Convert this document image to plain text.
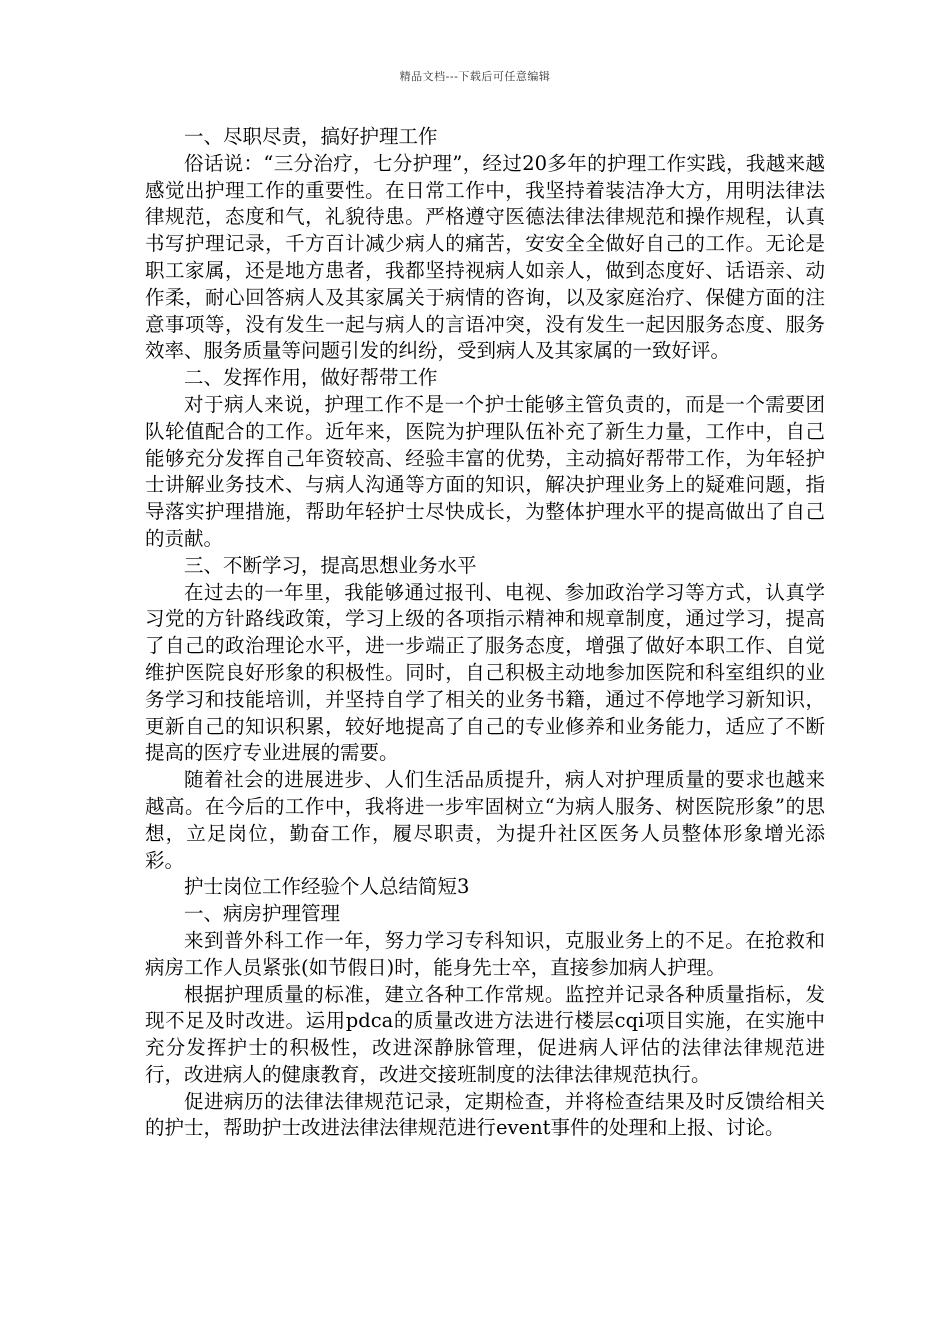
精品文档---下载后可任意编辑

一、尽职尽责，搞好护理工作

俗话说：“三分治疗，七分护理”，经过20多年的护理工作实践，我越来越感觉出护理工作的重要性。在日常工作中，我坚持着装洁净大方，用明法律法律规范，态度和气，礼貌待患。严格遵守医德法律法律规范和操作规程，认真书写护理记录，千方百计减少病人的痛苦，安安全全做好自己的工作。无论是职工家属，还是地方患者，我都坚持视病人如亲人，做到态度好、话语亲、动作柔，耐心回答病人及其家属关于病情的咨询，以及家庭治疗、保健方面的注意事项等，没有发生一起与病人的言语冲突，没有发生一起因服务态度、服务效率、服务质量等问题引发的纠纷，受到病人及其家属的一致好评。

二、发挥作用，做好帮带工作

对于病人来说，护理工作不是一个护士能够主管负责的，而是一个需要团队轮值配合的工作。近年来，医院为护理队伍补充了新生力量，工作中，自己能够充分发挥自己年资较高、经验丰富的优势，主动搞好帮带工作，为年轻护士讲解业务技术、与病人沟通等方面的知识，解决护理业务上的疑难问题，指导落实护理措施，帮助年轻护士尽快成长，为整体护理水平的提高做出了自己的贡献。

三、不断学习，提高思想业务水平

在过去的一年里，我能够通过报刊、电视、参加政治学习等方式，认真学习党的方针路线政策，学习上级的各项指示精神和规章制度，通过学习，提高了自己的政治理论水平，进一步端正了服务态度，增强了做好本职工作、自觉维护医院良好形象的积极性。同时，自己积极主动地参加医院和科室组织的业务学习和技能培训，并坚持自学了相关的业务书籍，通过不停地学习新知识，更新自己的知识积累，较好地提高了自己的专业修养和业务能力，适应了不断提高的医疗专业进展的需要。

随着社会的进展进步、人们生活品质提升，病人对护理质量的要求也越来越高。在今后的工作中，我将进一步牢固树立“为病人服务、树医院形象”的思想，立足岗位，勤奋工作，履尽职责，为提升社区医务人员整体形象增光添彩。

护士岗位工作经验个人总结简短3

一、病房护理管理

来到普外科工作一年，努力学习专科知识，克服业务上的不足。在抢救和病房工作人员紧张(如节假日)时，能身先士卒，直接参加病人护理。

根据护理质量的标准，建立各种工作常规。监控并记录各种质量指标，发现不足及时改进。运用pdca的质量改进方法进行楼层cqi项目实施，在实施中充分发挥护士的积极性，改进深静脉管理，促进病人评估的法律法律规范进行，改进病人的健康教育，改进交接班制度的法律法律规范执行。

促进病历的法律法律规范记录，定期检查，并将检查结果及时反馈给相关的护士，帮助护士改进法律法律规范进行event事件的处理和上报、讨论。
